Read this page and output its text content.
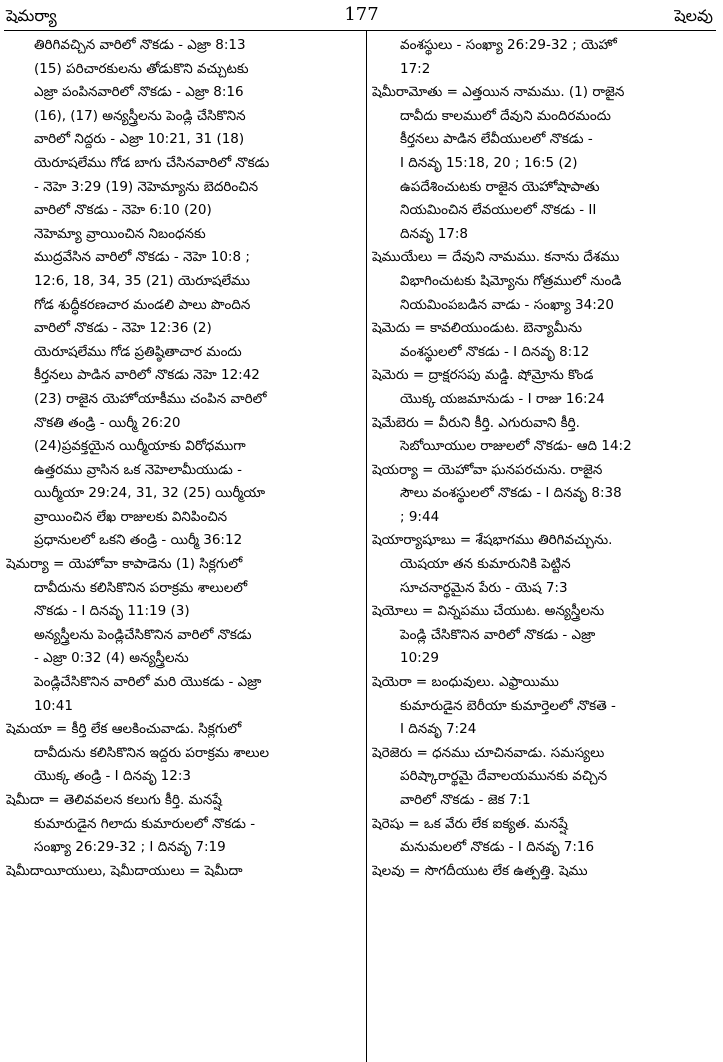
షెమర్యా	177	షెలవు
తిరిగివచ్చిన వారిలో నొకడు - ఎజ్రా 8:13
(15) పరిచారకులను తోడుకొని వచ్చుటకు
ఎజ్రా పంపినవారిలో నొకడు - ఎజ్రా 8:16
(16), (17) అన్యస్త్రీలను పెండ్లి చేసికొనిన
వారిలో నిద్దరు - ఎజ్రా 10:21, 31 (18)
యెరూషలేము గోడ బాగు చేసినవారిలో నొకడు
- నెహె 3:29 (19) నెహెమ్యాను బెదరించిన
వారిలో నొకడు - నెహె 6:10 (20)
నెహెమ్యా వ్రాయించిన నిబంధనకు
ముద్రవేసిన వారిలో నొకడు - నెహె 10:8 ;
12:6, 18, 34, 35 (21) యెరూషలేము
గోడ శుద్ధీకరణచార మండలి పాలు పొందిన
వారిలో నొకడు - నెహె 12:36 (2)
యెరూషలేము గోడ ప్రతిష్ఠితాచార మందు
కీర్తనలు పాడిన వారిలో నొకడు నెహె 12:42
(23) రాజైన యెహోయాకీము చంపిన వారిలో
నొకతి తండ్రి - యిర్మీ 26:20
(24)ప్రవక్తయైన యిర్మీయాకు విరోధముగా
ఉత్తరము వ్రాసిన ఒక నెహెలామీయుడు -
యిర్మీయా 29:24, 31, 32 (25) యిర్మీయా
వ్రాయించిన లేఖ రాజులకు వినిపించిన
ప్రధానులలో ఒకని తండ్రి - యిర్మీ 36:12
షెమర్యా = యెహోవా కాపాడెను (1) సిక్లగులో
దావీదును కలిసికొనిన పరాక్రమ శాలులలో
నొకడు - I దినవృ 11:19 (3)
అన్యస్త్రీలను పెండ్లిచేసికొనిన వారిలో నొకడు
- ఎజ్రా 0:32 (4) అన్యస్త్రీలను
పెండ్లిచేసికొనిన వారిలో మరి యొకడు - ఎజ్రా
10:41
షెమయా = కీర్తి లేక ఆలకించువాడు. సిక్లగులో
దావీదును కలిసికొనిన ఇద్దరు పరాక్రమ శాలుల
యొక్క తండ్రి - I దినవృ 12:3
షెమీదా = తెలివవలన కలుగు కీర్తి. మనష్షే
కుమారుడైన గిలాదు కుమారులలో నొకడు -
సంఖ్యా 26:29-32 ; I దినవృ 7:19
షెమీదాయీయులు, షెమీదాయులు = షెమీదా
వంశస్థులు - సంఖ్యా 26:29-32 ; యెహో
17:2
షెమీరామోతు = ఎత్తయిన నామము. (1) రాజైన
దావీదు కాలములో దేవుని మందిరమందు
కీర్తనలు పాడిన లేవీయులలో నొకడు -
I దినవృ 15:18, 20 ; 16:5 (2)
ఉపదేశించుటకు రాజైన యెహోషాపాతు
నియమించిన లేవయులలో నొకడు - II
దినవృ 17:8
షెముయేలు = దేవుని నామము. కనాను దేశము
విభాగించుటకు షిమ్యోను గోత్రములో నుండి
నియమింపబడిన వాడు - సంఖ్యా 34:20
షెమెదు = కావలియుండుట. బెన్యామీను
వంశస్థులలో నొకడు - I దినవృ 8:12
షెమెరు = ద్రాక్షరసపు మడ్డి. షోమ్రోను కొండ
యొక్క యజమానుడు - I రాజు 16:24
షెమేబెరు = వీరుని కీర్తి. ఎగురువాని కీర్తి.
సెబోయీయుల రాజులలో నొకడు- ఆది 14:2
షెయర్యా = యెహోవా ఘనపరచును. రాజైన
సౌలు వంశస్థులలో నొకడు - I దినవృ 8:38
; 9:44
షెయార్యాషూబు = శేషభాగము తిరిగివచ్చును.
యెషయా తన కుమారునికి పెట్టిన
సూచనార్థమైన పేరు - యెష 7:3
షెయోలు = విన్నపము చేయుట. అన్యస్త్రీలను
పెండ్లి చేసికొనిన వారిలో నొకడు - ఎజ్రా
10:29
షెయెరా = బంధువులు. ఎఫ్రాయిము
కుమారుడైన బెరీయా కుమార్తెలలో నొకతె -
I దినవృ 7:24
షెరెజెరు = ధనము చూచినవాడు. సమస్యలు
పరిష్కారార్థమై దేవాలయమునకు వచ్చిన
వారిలో నొకడు - జెక 7:1
షెరెషు = ఒక వేరు లేక ఐక్యత. మనష్షే
మనుమలలో నొకడు - I దినవృ 7:16
షెలవు = సొగదీయుట లేక ఉత్పత్తి. షెము
